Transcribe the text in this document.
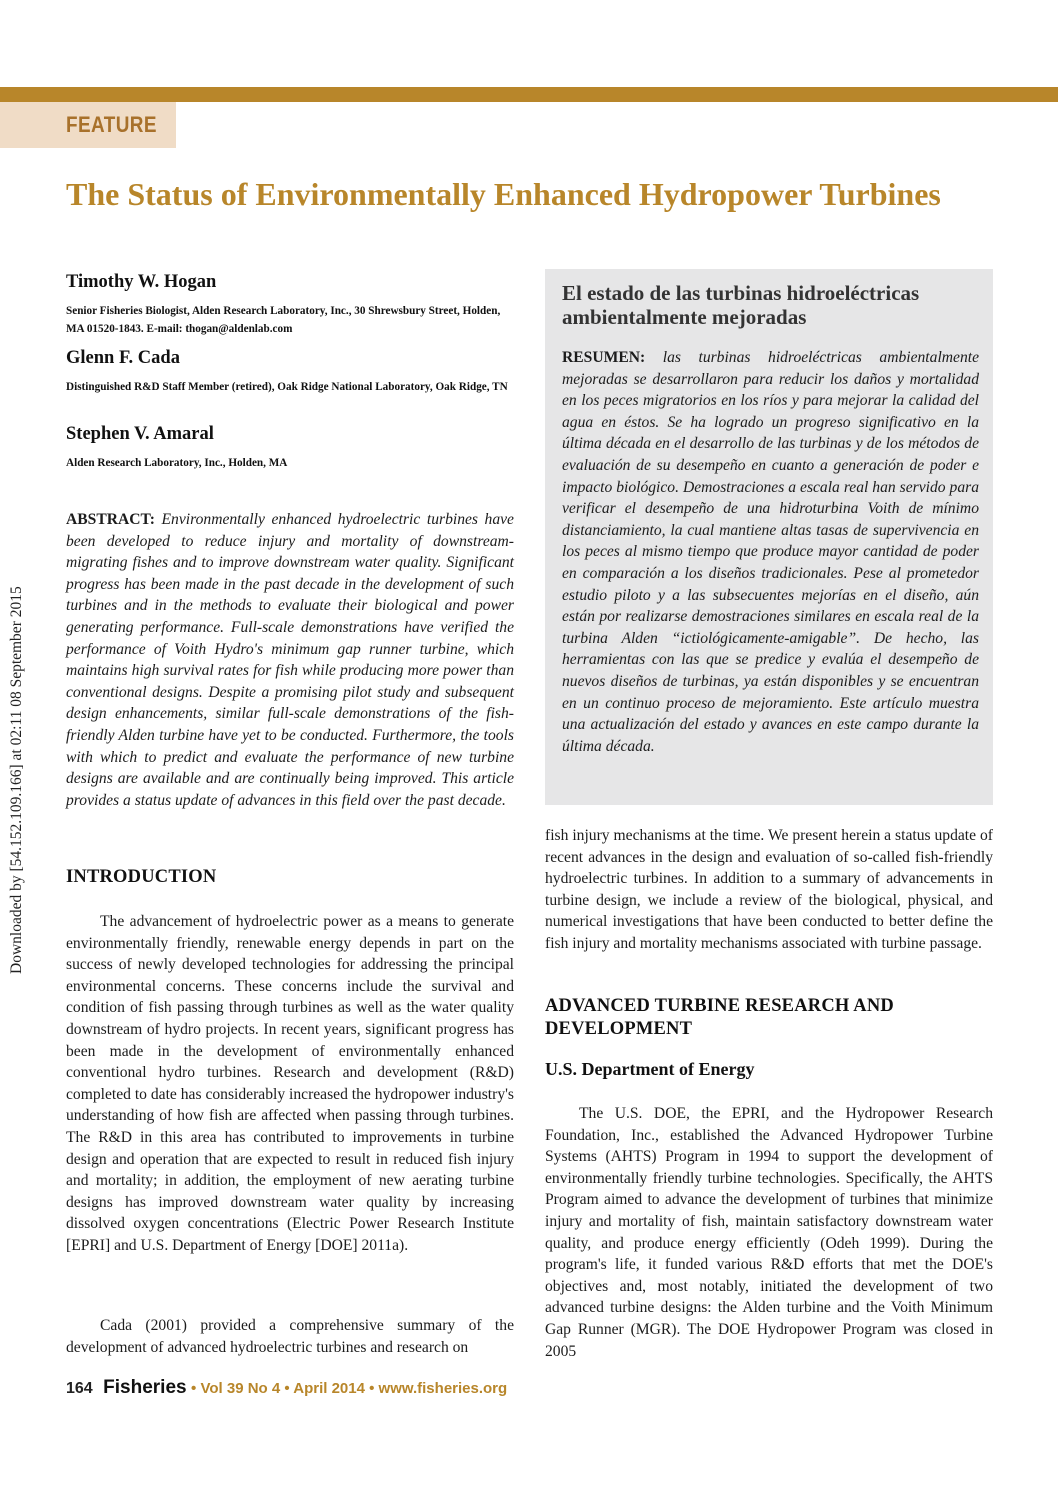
FEATURE
The Status of Environmentally Enhanced Hydropower Turbines
Timothy W. Hogan

Senior Fisheries Biologist, Alden Research Laboratory, Inc., 30 Shrewsbury Street, Holden, MA 01520-1843. E-mail: thogan@aldenlab.com

Glenn F. Cada

Distinguished R&D Staff Member (retired), Oak Ridge National Laboratory, Oak Ridge, TN

Stephen V. Amaral

Alden Research Laboratory, Inc., Holden, MA

ABSTRACT: Environmentally enhanced hydroelectric turbines have been developed to reduce injury and mortality of downstream-migrating fishes and to improve downstream water quality. Significant progress has been made in the past decade in the development of such turbines and in the methods to evaluate their biological and power generating performance. Full-scale demonstrations have verified the performance of Voith Hydro's minimum gap runner turbine, which maintains high survival rates for fish while producing more power than conventional designs. Despite a promising pilot study and subsequent design enhancements, similar full-scale demonstrations of the fish-friendly Alden turbine have yet to be conducted. Furthermore, the tools with which to predict and evaluate the performance of new turbine designs are available and are continually being improved. This article provides a status update of advances in this field over the past decade.

INTRODUCTION

The advancement of hydroelectric power as a means to generate environmentally friendly, renewable energy depends in part on the success of newly developed technologies for addressing the principal environmental concerns. These concerns include the survival and condition of fish passing through turbines as well as the water quality downstream of hydro projects. In recent years, significant progress has been made in the development of environmentally enhanced conventional hydro turbines. Research and development (R&D) completed to date has considerably increased the hydropower industry's understanding of how fish are affected when passing through turbines. The R&D in this area has contributed to improvements in turbine design and operation that are expected to result in reduced fish injury and mortality; in addition, the employment of new aerating turbine designs has improved downstream water quality by increasing dissolved oxygen concentrations (Electric Power Research Institute [EPRI] and U.S. Department of Energy [DOE] 2011a).

Cada (2001) provided a comprehensive summary of the development of advanced hydroelectric turbines and research on

El estado de las turbinas hidroeléctricas ambientalmente mejoradas

RESUMEN: las turbinas hidroeléctricas ambientalmente mejoradas se desarrollaron para reducir los daños y mortalidad en los peces migratorios en los ríos y para mejorar la calidad del agua en éstos. Se ha logrado un progreso significativo en la última década en el desarrollo de las turbinas y de los métodos de evaluación de su desempeño en cuanto a generación de poder e impacto biológico. Demostraciones a escala real han servido para verificar el desempeño de una hidroturbina Voith de mínimo distanciamiento, la cual mantiene altas tasas de supervivencia en los peces al mismo tiempo que produce mayor cantidad de poder en comparación a los diseños tradicionales. Pese al prometedor estudio piloto y a las subsecuentes mejorías en el diseño, aún están por realizarse demostraciones similares en escala real de la turbina Alden “ictiológicamente-amigable”. De hecho, las herramientas con las que se predice y evalúa el desempeño de nuevos diseños de turbinas, ya están disponibles y se encuentran en un continuo proceso de mejoramiento. Este artículo muestra una actualización del estado y avances en este campo durante la última década.

fish injury mechanisms at the time. We present herein a status update of recent advances in the design and evaluation of so-called fish-friendly hydroelectric turbines. In addition to a summary of advancements in turbine design, we include a review of the biological, physical, and numerical investigations that have been conducted to better define the fish injury and mortality mechanisms associated with turbine passage.

ADVANCED TURBINE RESEARCH AND DEVELOPMENT
U.S. Department of Energy

The U.S. DOE, the EPRI, and the Hydropower Research Foundation, Inc., established the Advanced Hydropower Turbine Systems (AHTS) Program in 1994 to support the development of environmentally friendly turbine technologies. Specifically, the AHTS Program aimed to advance the development of turbines that minimize injury and mortality of fish, maintain satisfactory downstream water quality, and produce energy efficiently (Odeh 1999). During the program's life, it funded various R&D efforts that met the DOE's objectives and, most notably, initiated the development of two advanced turbine designs: the Alden turbine and the Voith Minimum Gap Runner (MGR). The DOE Hydropower Program was closed in 2005

Downloaded by [54.152.109.166] at 02:11 08 September 2015

164 Fisheries • Vol 39 No 4 • April 2014 • www.fisheries.org
